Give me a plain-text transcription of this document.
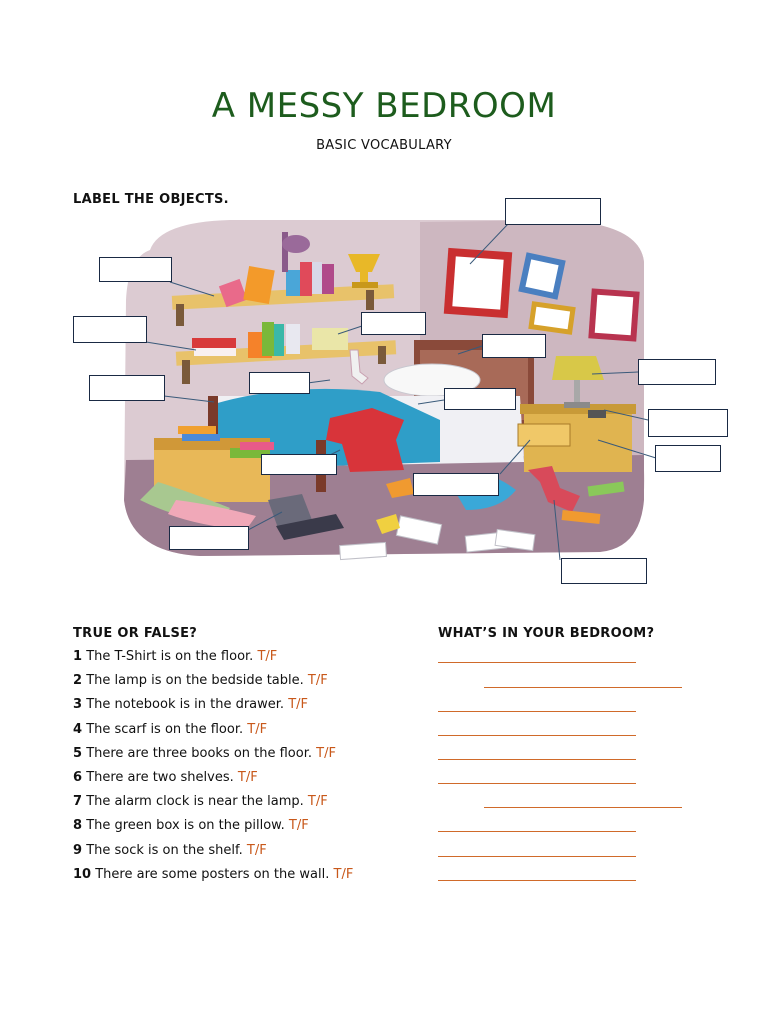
A MESSY BEDROOM
BASIC VOCABULARY
LABEL THE OBJECTS.
TRUE OR FALSE?
1 The T-Shirt is on the floor. T/F
2 The lamp is on the bedside table. T/F
3 The notebook is in the drawer. T/F
4 The scarf is on the floor. T/F
5 There are three books on the floor. T/F
6 There are two shelves. T/F
7 The alarm clock is near the lamp. T/F
8 The green box is on the pillow. T/F
9 The sock is on the shelf. T/F
10 There are some posters on the wall. T/F
WHAT’S IN YOUR BEDROOM?
